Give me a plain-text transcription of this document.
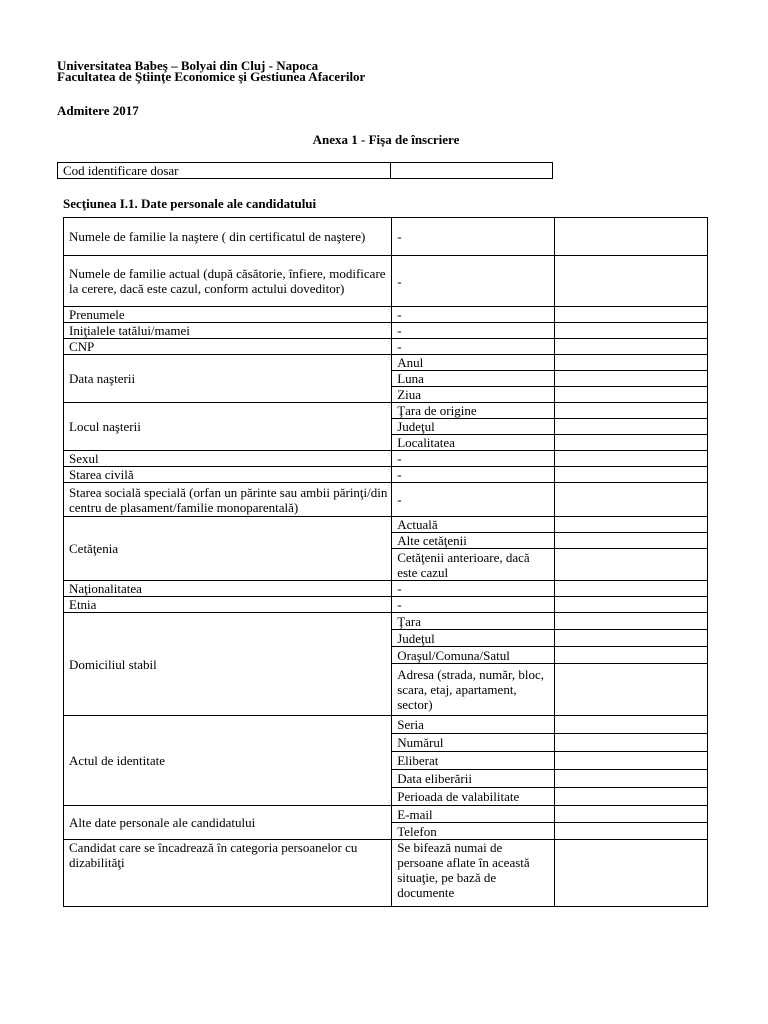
Universitatea Babeş – Bolyai din Cluj - Napoca
Facultatea de Ştiinţe Economice şi Gestiunea Afacerilor
Admitere 2017
Anexa 1 - Fişa de înscriere
Cod identificare dosar	
Secţiunea I.1. Date personale ale candidatului
Numele de familie la naştere ( din certificatul de naştere)	-	
Numele de familie actual (după căsătorie, înfiere, modificare la cerere, dacă este cazul, conform actului doveditor)	-	
Prenumele	-	
Iniţialele tatălui/mamei	-	
CNP	-	
Data naşterii	Anul	
	Luna	
	Ziua	
Locul naşterii	Ţara de origine	
	Judeţul	
	Localitatea	
Sexul	-	
Starea civilă	-	
Starea socială specială (orfan un părinte sau ambii părinţi/din centru de plasament/familie monoparentală)	-	
Cetăţenia	Actuală	
	Alte cetăţenii	
	Cetăţenii anterioare, dacă este cazul	
Naţionalitatea	-	
Etnia	-	
Domiciliul stabil	Ţara	
	Judeţul	
	Oraşul/Comuna/Satul	
	Adresa (strada, număr, bloc, scara, etaj, apartament, sector)	
Actul de identitate	Seria	
	Numărul	
	Eliberat	
	Data eliberării	
	Perioada de valabilitate	
Alte date personale ale candidatului	E-mail	
	Telefon	
Candidat care se încadrează în categoria persoanelor cu dizabilităţi	Se bifează numai de persoane aflate în această situaţie, pe bază de documente	
